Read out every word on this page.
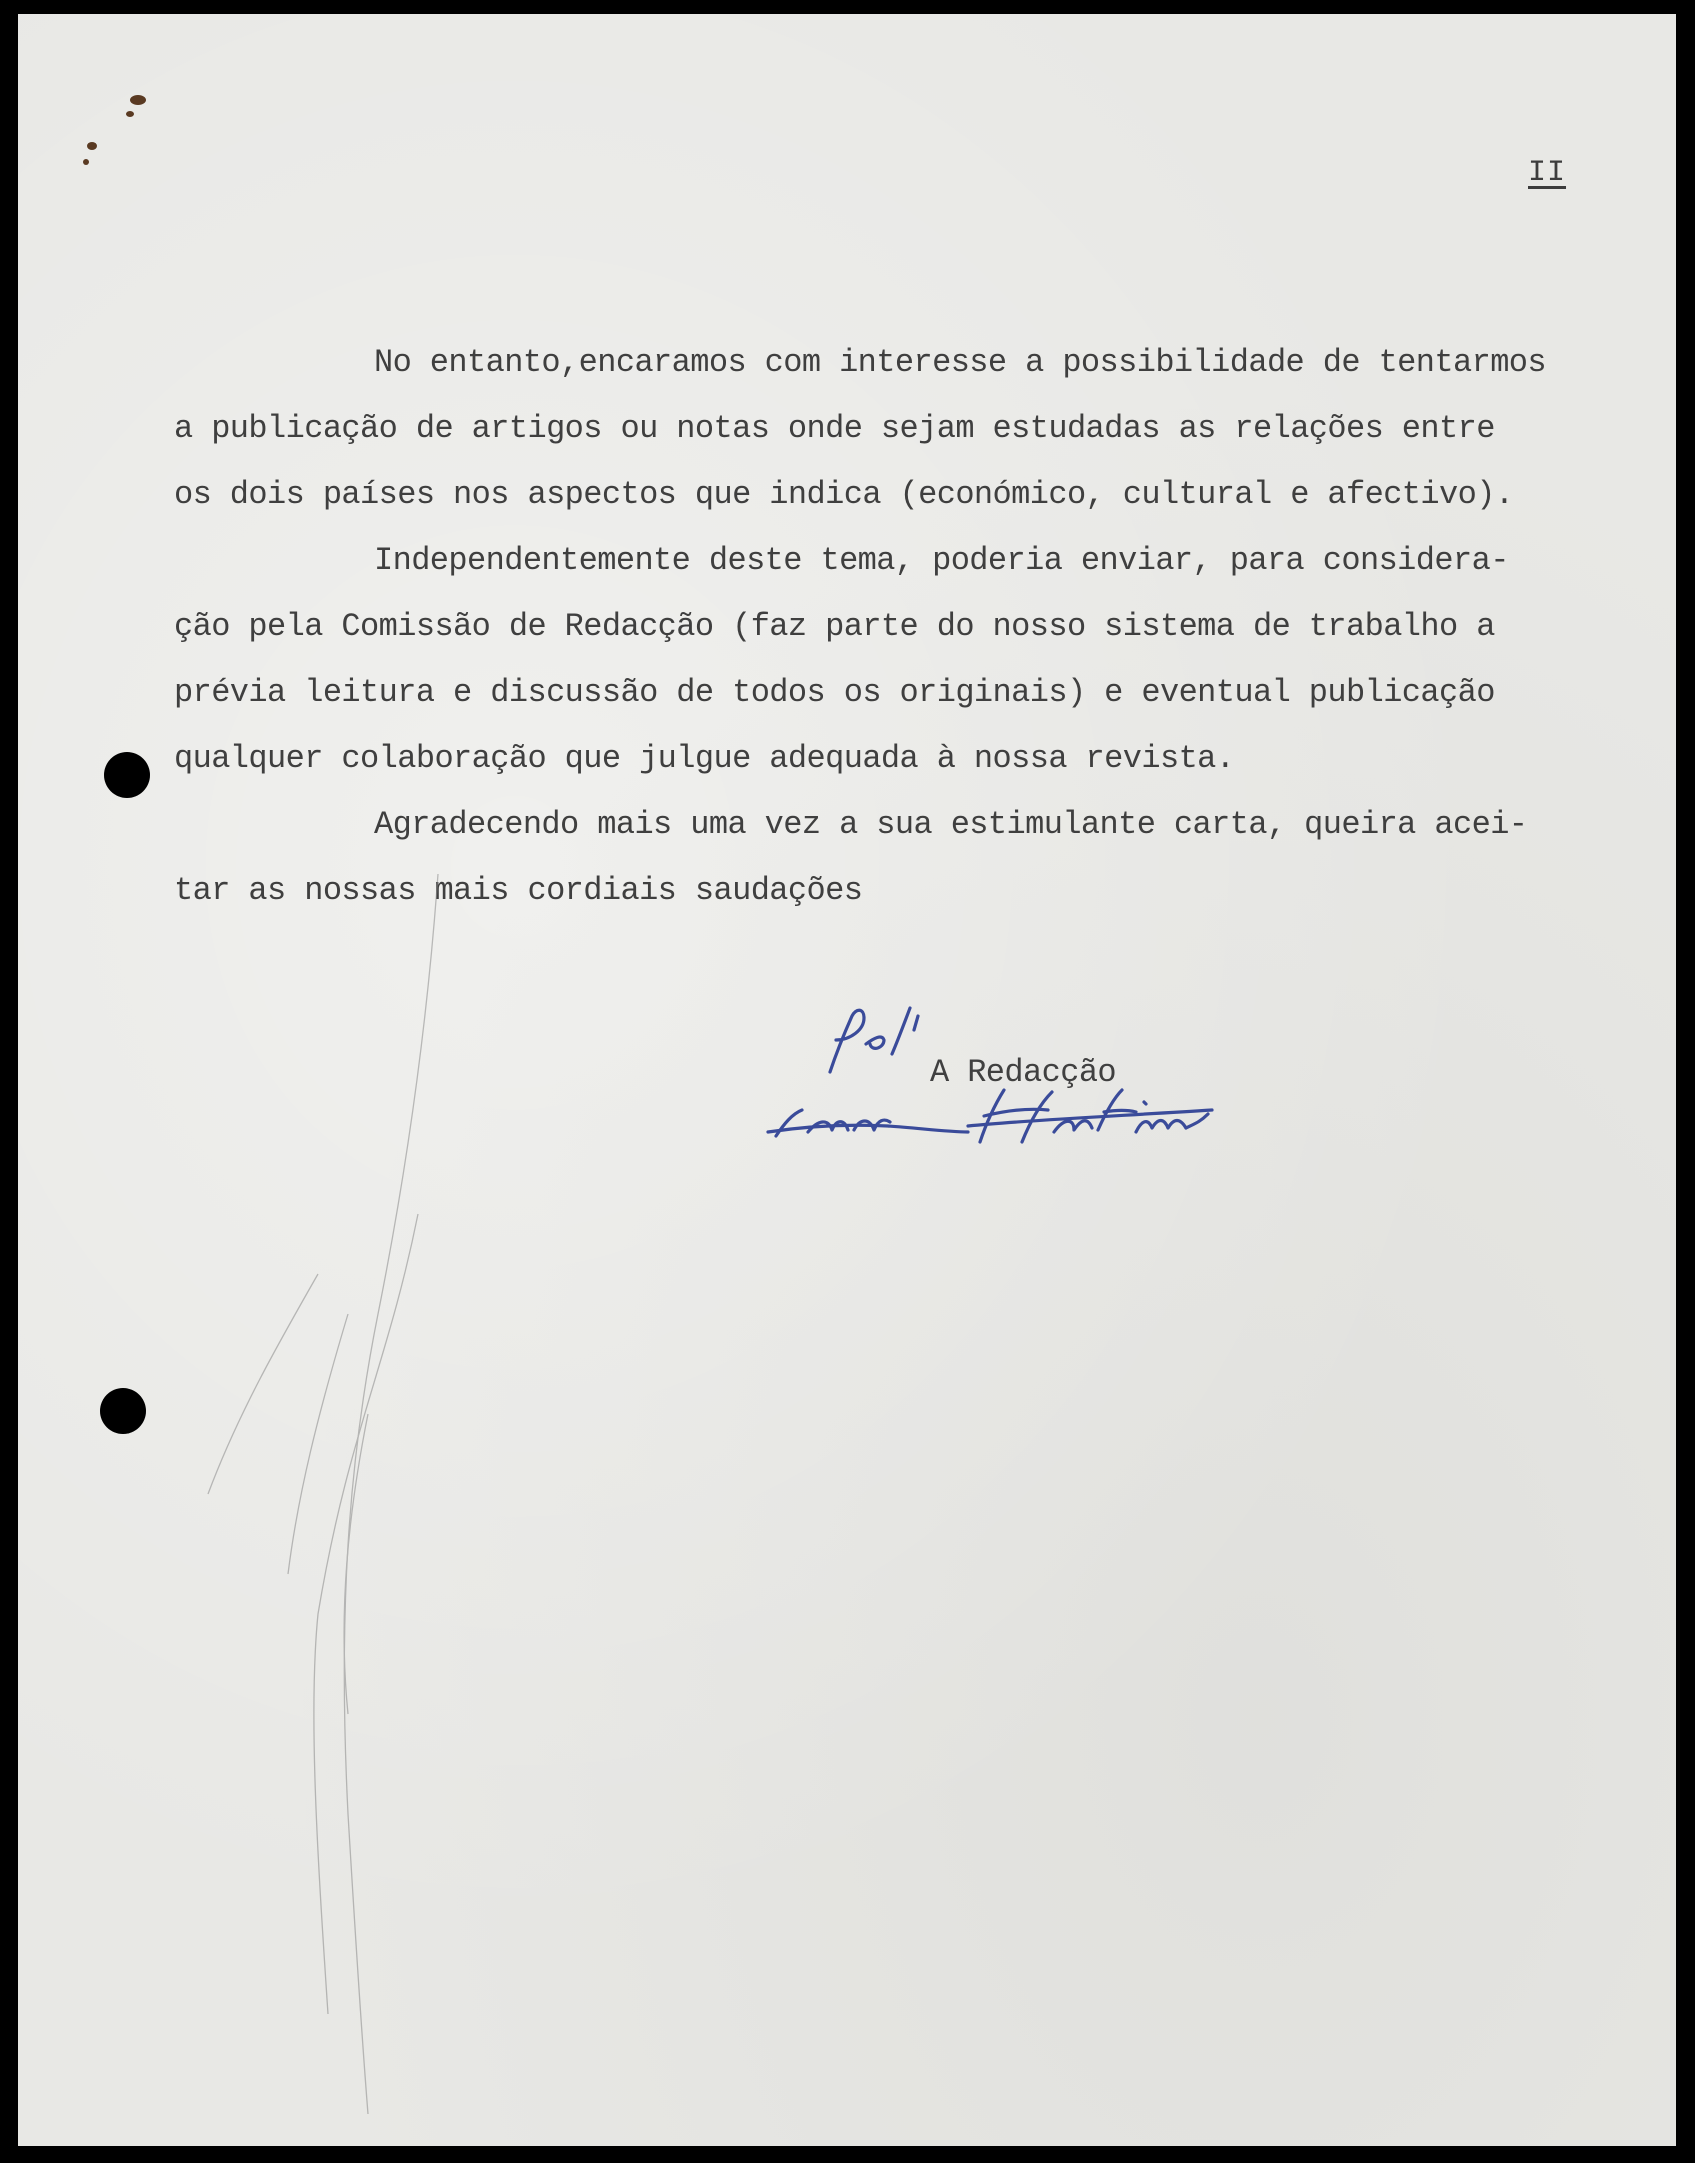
II
No entanto,encaramos com interesse a possibilidade de tentarmos
a publicação de artigos ou notas onde sejam estudadas as relações entre
os dois países nos aspectos que indica (económico, cultural e afectivo).
Independentemente deste tema, poderia enviar, para considera-
ção pela Comissão de Redacção (faz parte do nosso sistema de trabalho a
prévia leitura e discussão de todos os originais) e eventual publicação
qualquer colaboração que julgue adequada à nossa revista.
Agradecendo mais uma vez a sua estimulante carta, queira acei-
tar as nossas mais cordiais saudações
A Redacção
